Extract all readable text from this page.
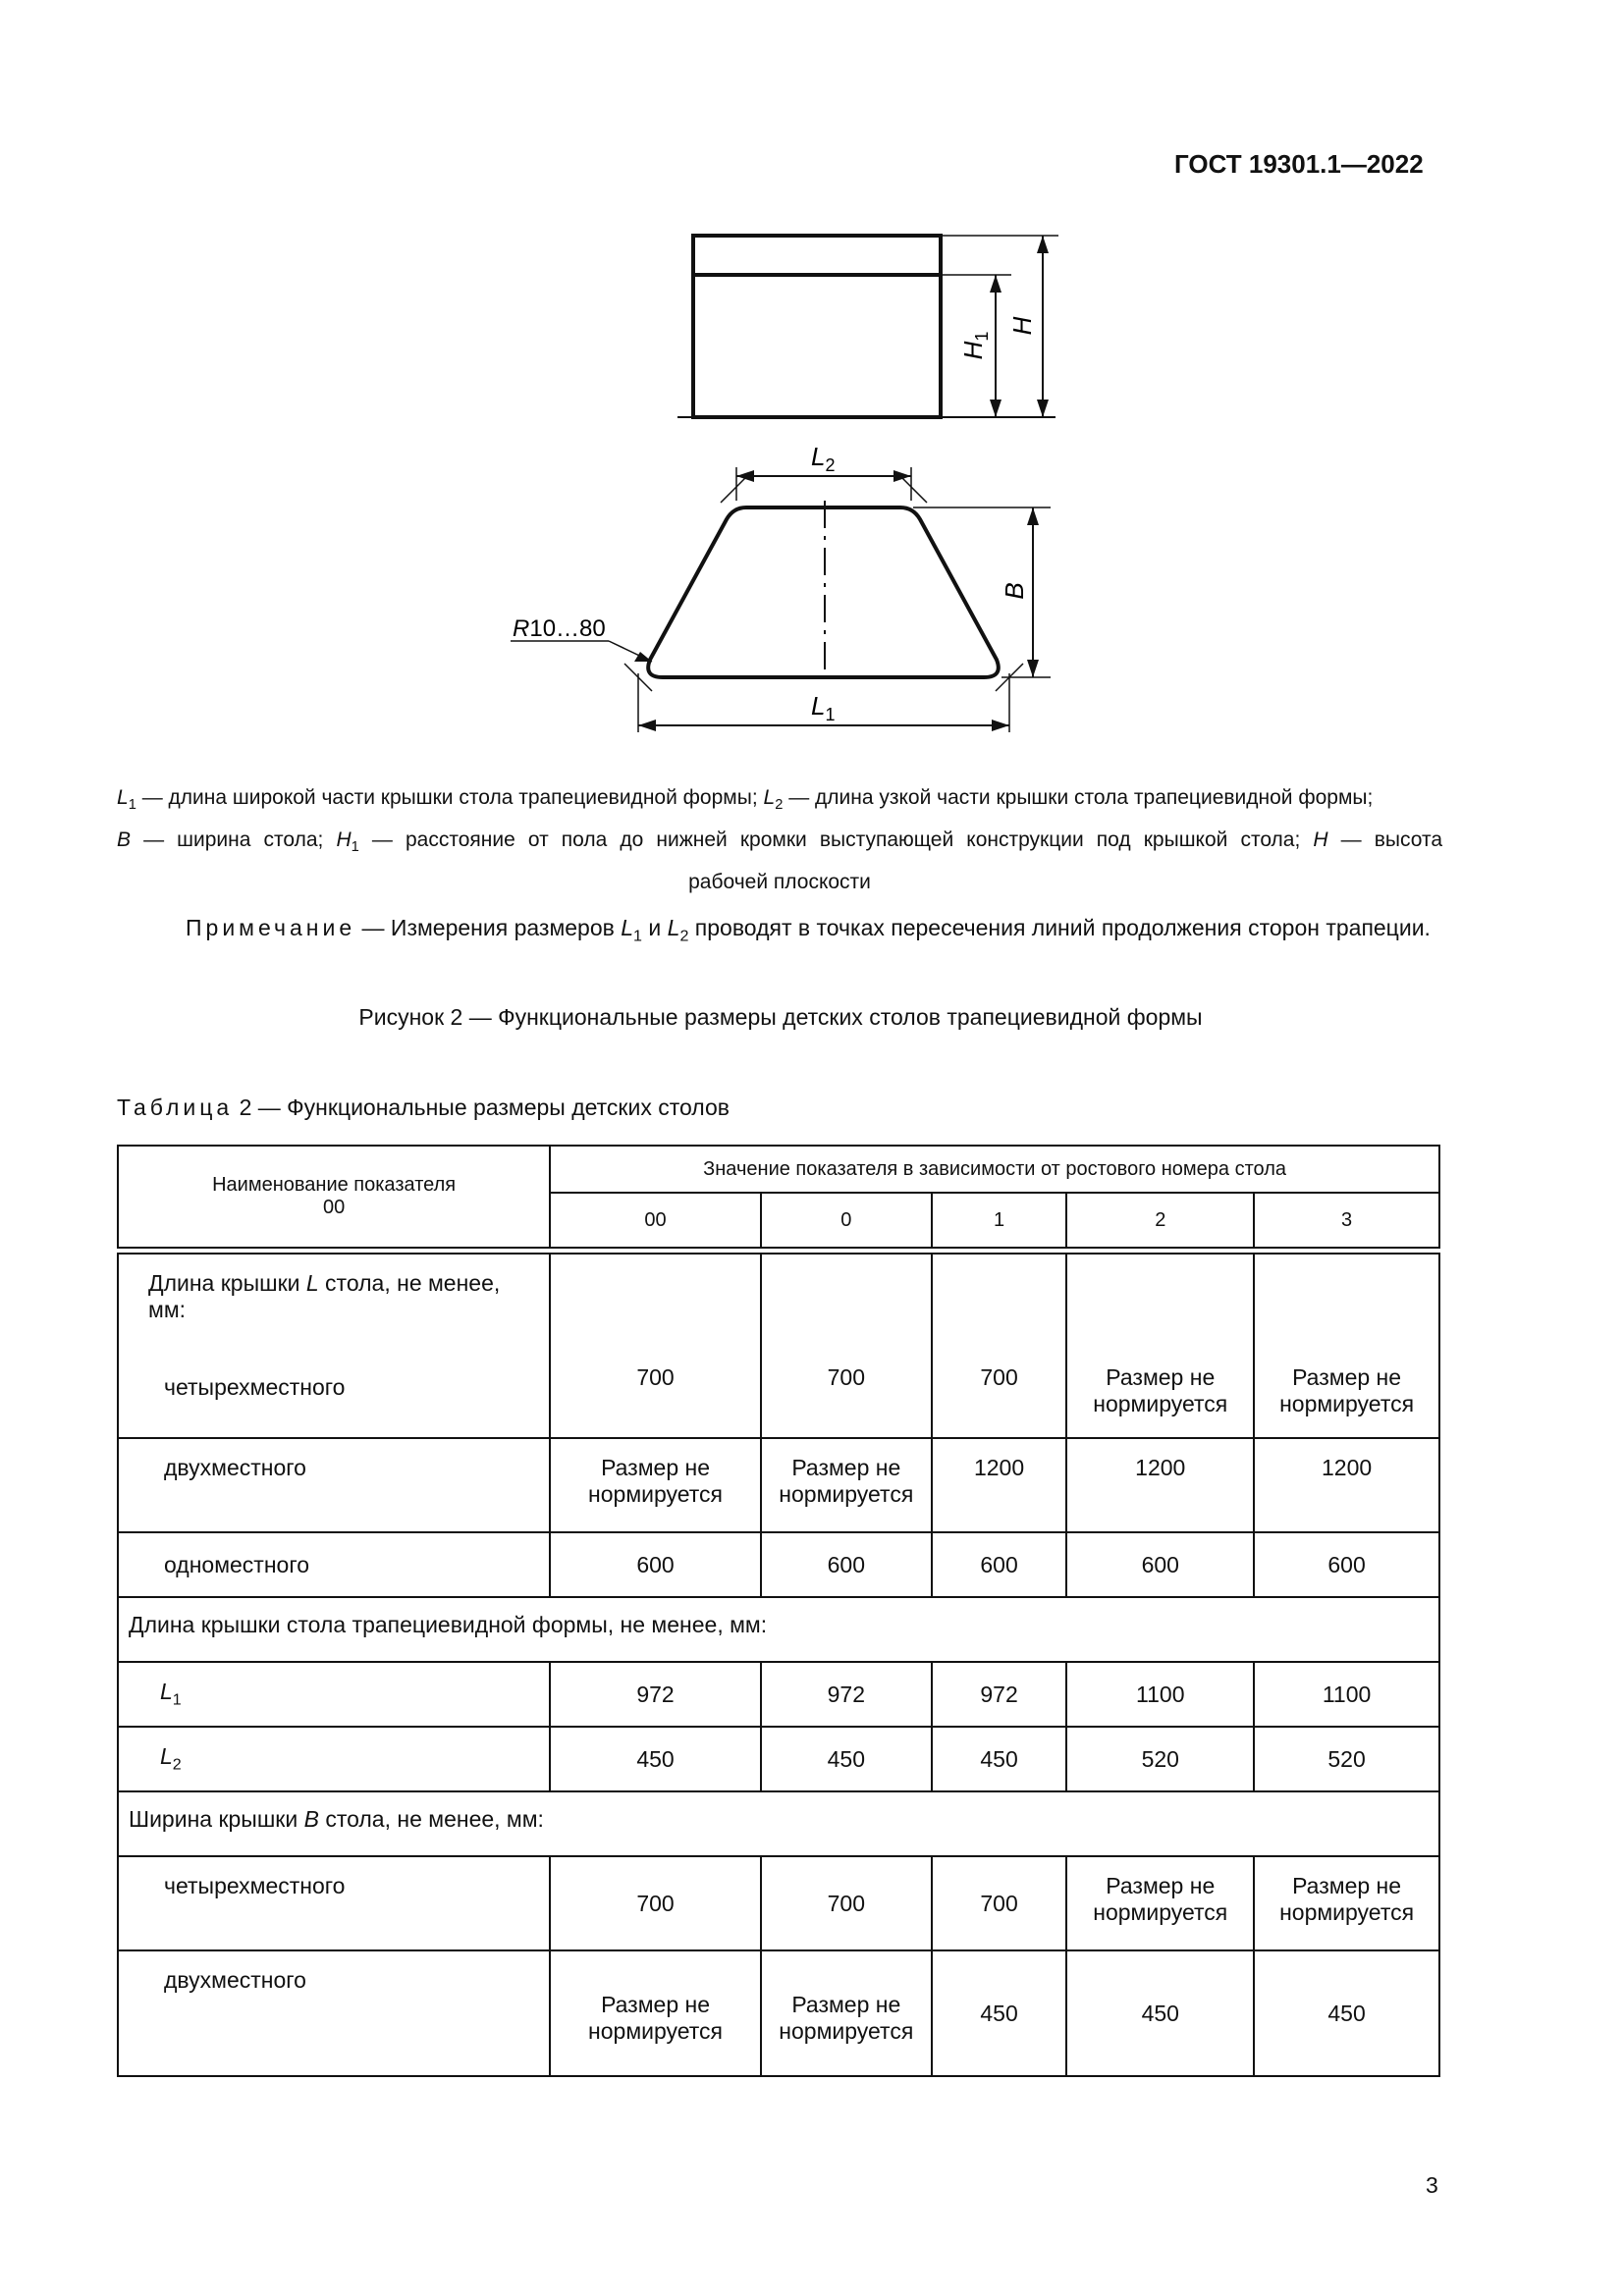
ГОСТ 19301.1—2022
$H_1$
H
$L_2$
$L_1$
B
R10…80
$L_1$ — длина широкой части крышки стола трапециевидной формы; $L_2$ — длина узкой части крышки стола трапециевидной формы;
B — ширина стола; $H_1$ — расстояние от пола до нижней кромки выступающей конструкции под крышкой стола; H — высота
рабочей плоскости
Примечание — Измерения размеров $L_1$ и $L_2$ проводят в точках пересечения линий продолжения сторон трапеции.
Рисунок 2 — Функциональные размеры детских столов трапециевидной формы
Таблица 2 — Функциональные размеры детских столов
Наименование показателя
00	Значение показателя в зависимости от ростового номера стола				
	00	0	1	2	3

Длина крышки L стола, не менее, мм:
четырехместного	700	700	700	Размер не нормируется	Размер не нормируется
двухместного	Размер не нормируется	Размер не нормируется	1200	1200	1200
одноместного	600	600	600	600	600
Длина крышки стола трапециевидной формы, не менее, мм:					
$L_1$	972	972	972	1100	1100
$L_2$	450	450	450	520	520
Ширина крышки B стола, не менее, мм:					
четырехместного	700	700	700	Размер не нормируется	Размер не нормируется
двухместного	Размер не нормируется	Размер не нормируется	450	450	450
3
